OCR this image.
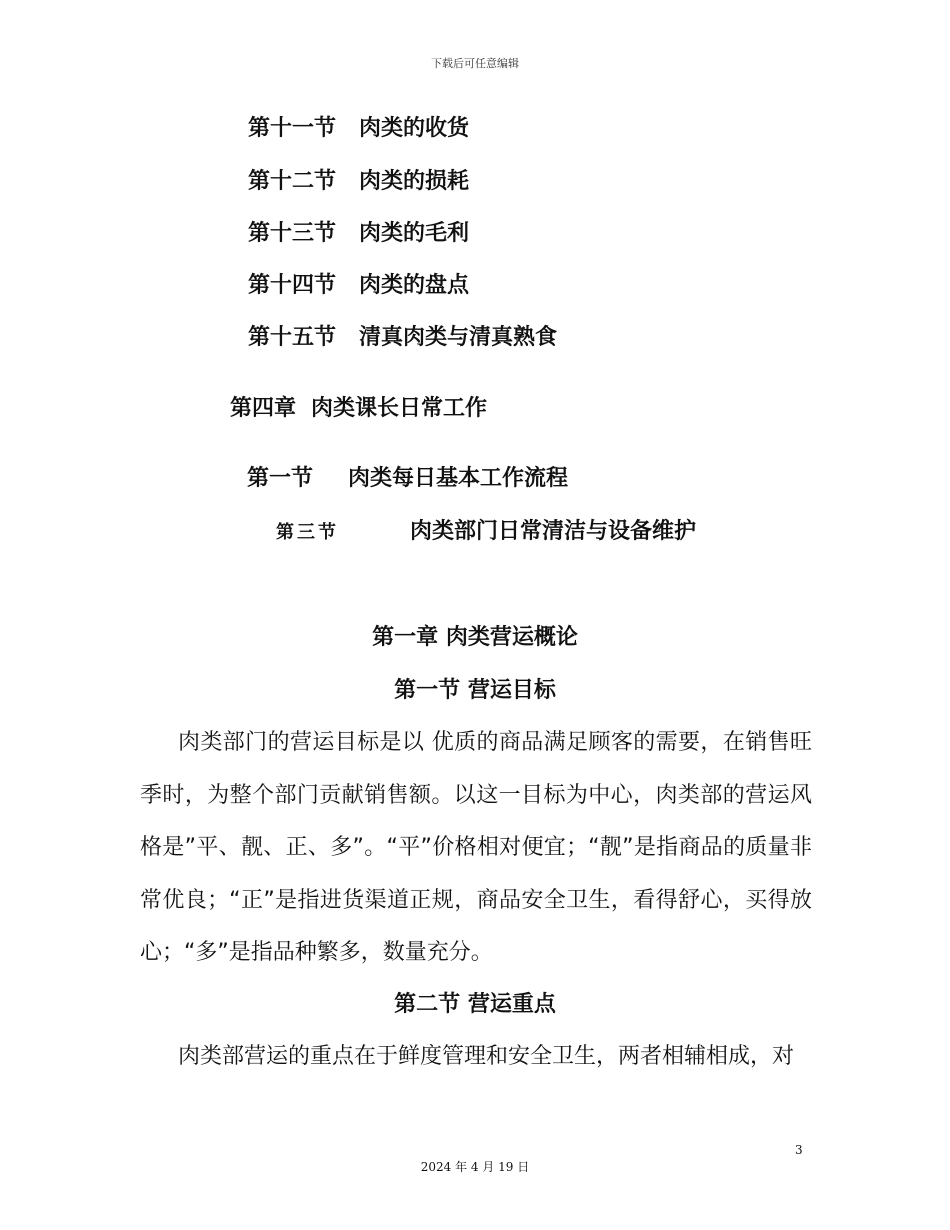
下载后可任意编辑
第十一节 肉类的收货
第十二节 肉类的损耗
第十三节 肉类的毛利
第十四节 肉类的盘点
第十五节 清真肉类与清真熟食
第四章 肉类课长日常工作
第一节 肉类每日基本工作流程
第三节	肉类部门日常清洁与设备维护
第一章 肉类营运概论
第一节 营运目标

肉类部门的营运目标是以 优质的商品满足顾客的需要，在销售旺季时，为整个部门贡献销售额。以这一目标为中心，肉类部的营运风格是”平、靓、正、多”。“平”价格相对便宜；“靓”是指商品的质量非常优良；“正”是指进货渠道正规，商品安全卫生，看得舒心，买得放心；“多”是指品种繁多，数量充分。

第二节 营运重点

肉类部营运的重点在于鲜度管理和安全卫生，两者相辅相成，对

3
2024 年 4 月 19 日
